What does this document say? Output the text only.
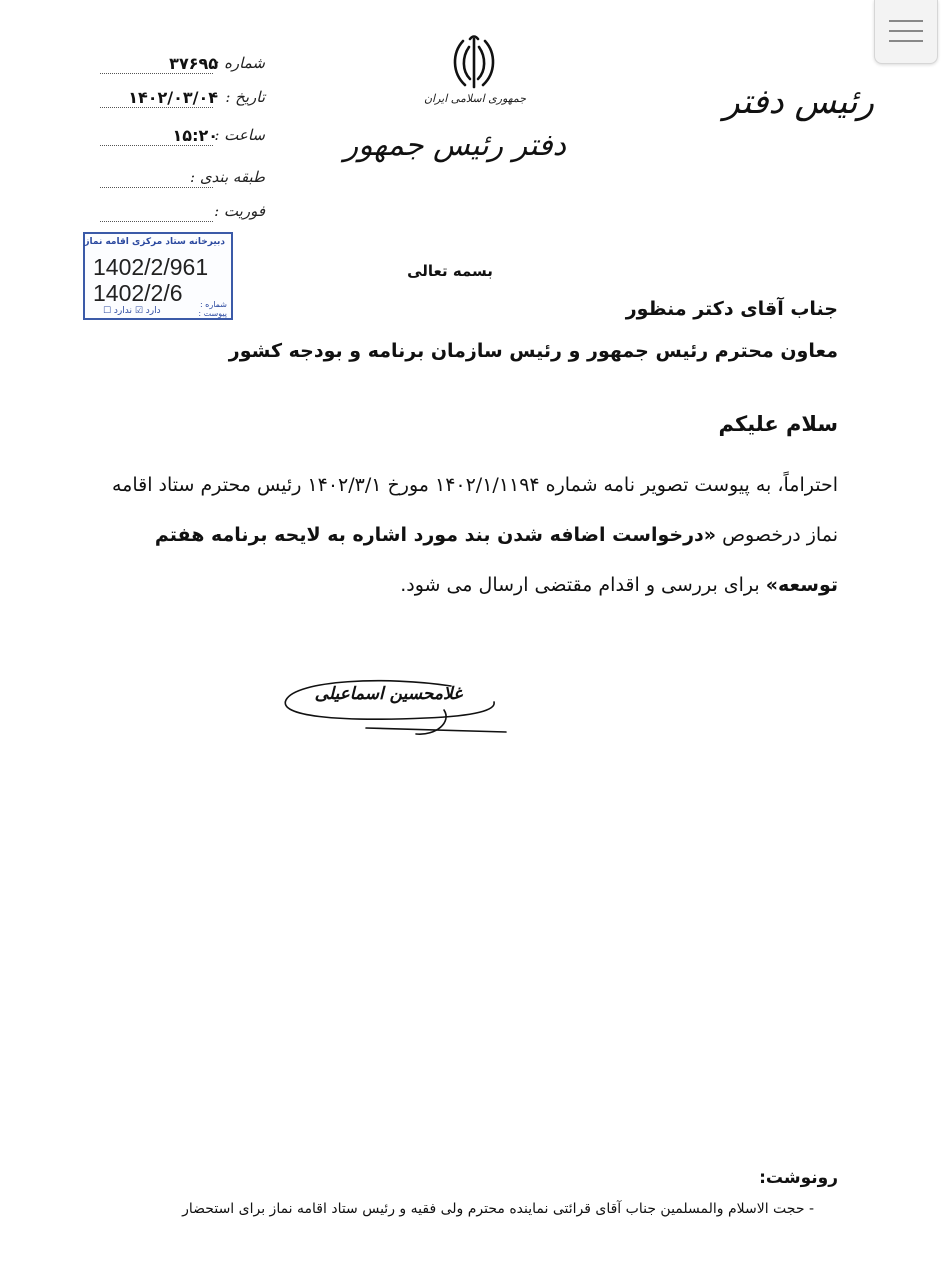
۳۷۶۹۵
شماره :
۱۴۰۲/۰۳/۰۴ تاریخ :
۱۵:۲۰
ساعت :
طبقه بندی :
فوریت :
دبیرخانه ستاد مرکزی اقامه نماز
1402/2/961
1402/2/6 شماره :
پیوست :
دارد ☑ ندارد ☐
جمهوری اسلامی ایران
دفتر رئیس جمهور
رئیس دفتر
بسمه تعالی
جناب آقای دکتر منظور
معاون محترم رئیس جمهور و رئیس سازمان برنامه و بودجه کشور
سلام علیکم
احتراماً، به پیوست تصویر نامه شماره ۱۴۰۲/۱/۱۱۹۴ مورخ ۱۴۰۲/۳/۱ رئیس محترم ستاد اقامه نماز درخصوص «درخواست اضافه شدن بند مورد اشاره به لایحه برنامه هفتم توسعه» برای بررسی و اقدام مقتضی ارسال می شود.
غلامحسین اسماعیلی
رونوشت:
- حجت الاسلام والمسلمین جناب آقای قرائتی نماینده محترم ولی فقیه و رئیس ستاد اقامه نماز برای استحضار
